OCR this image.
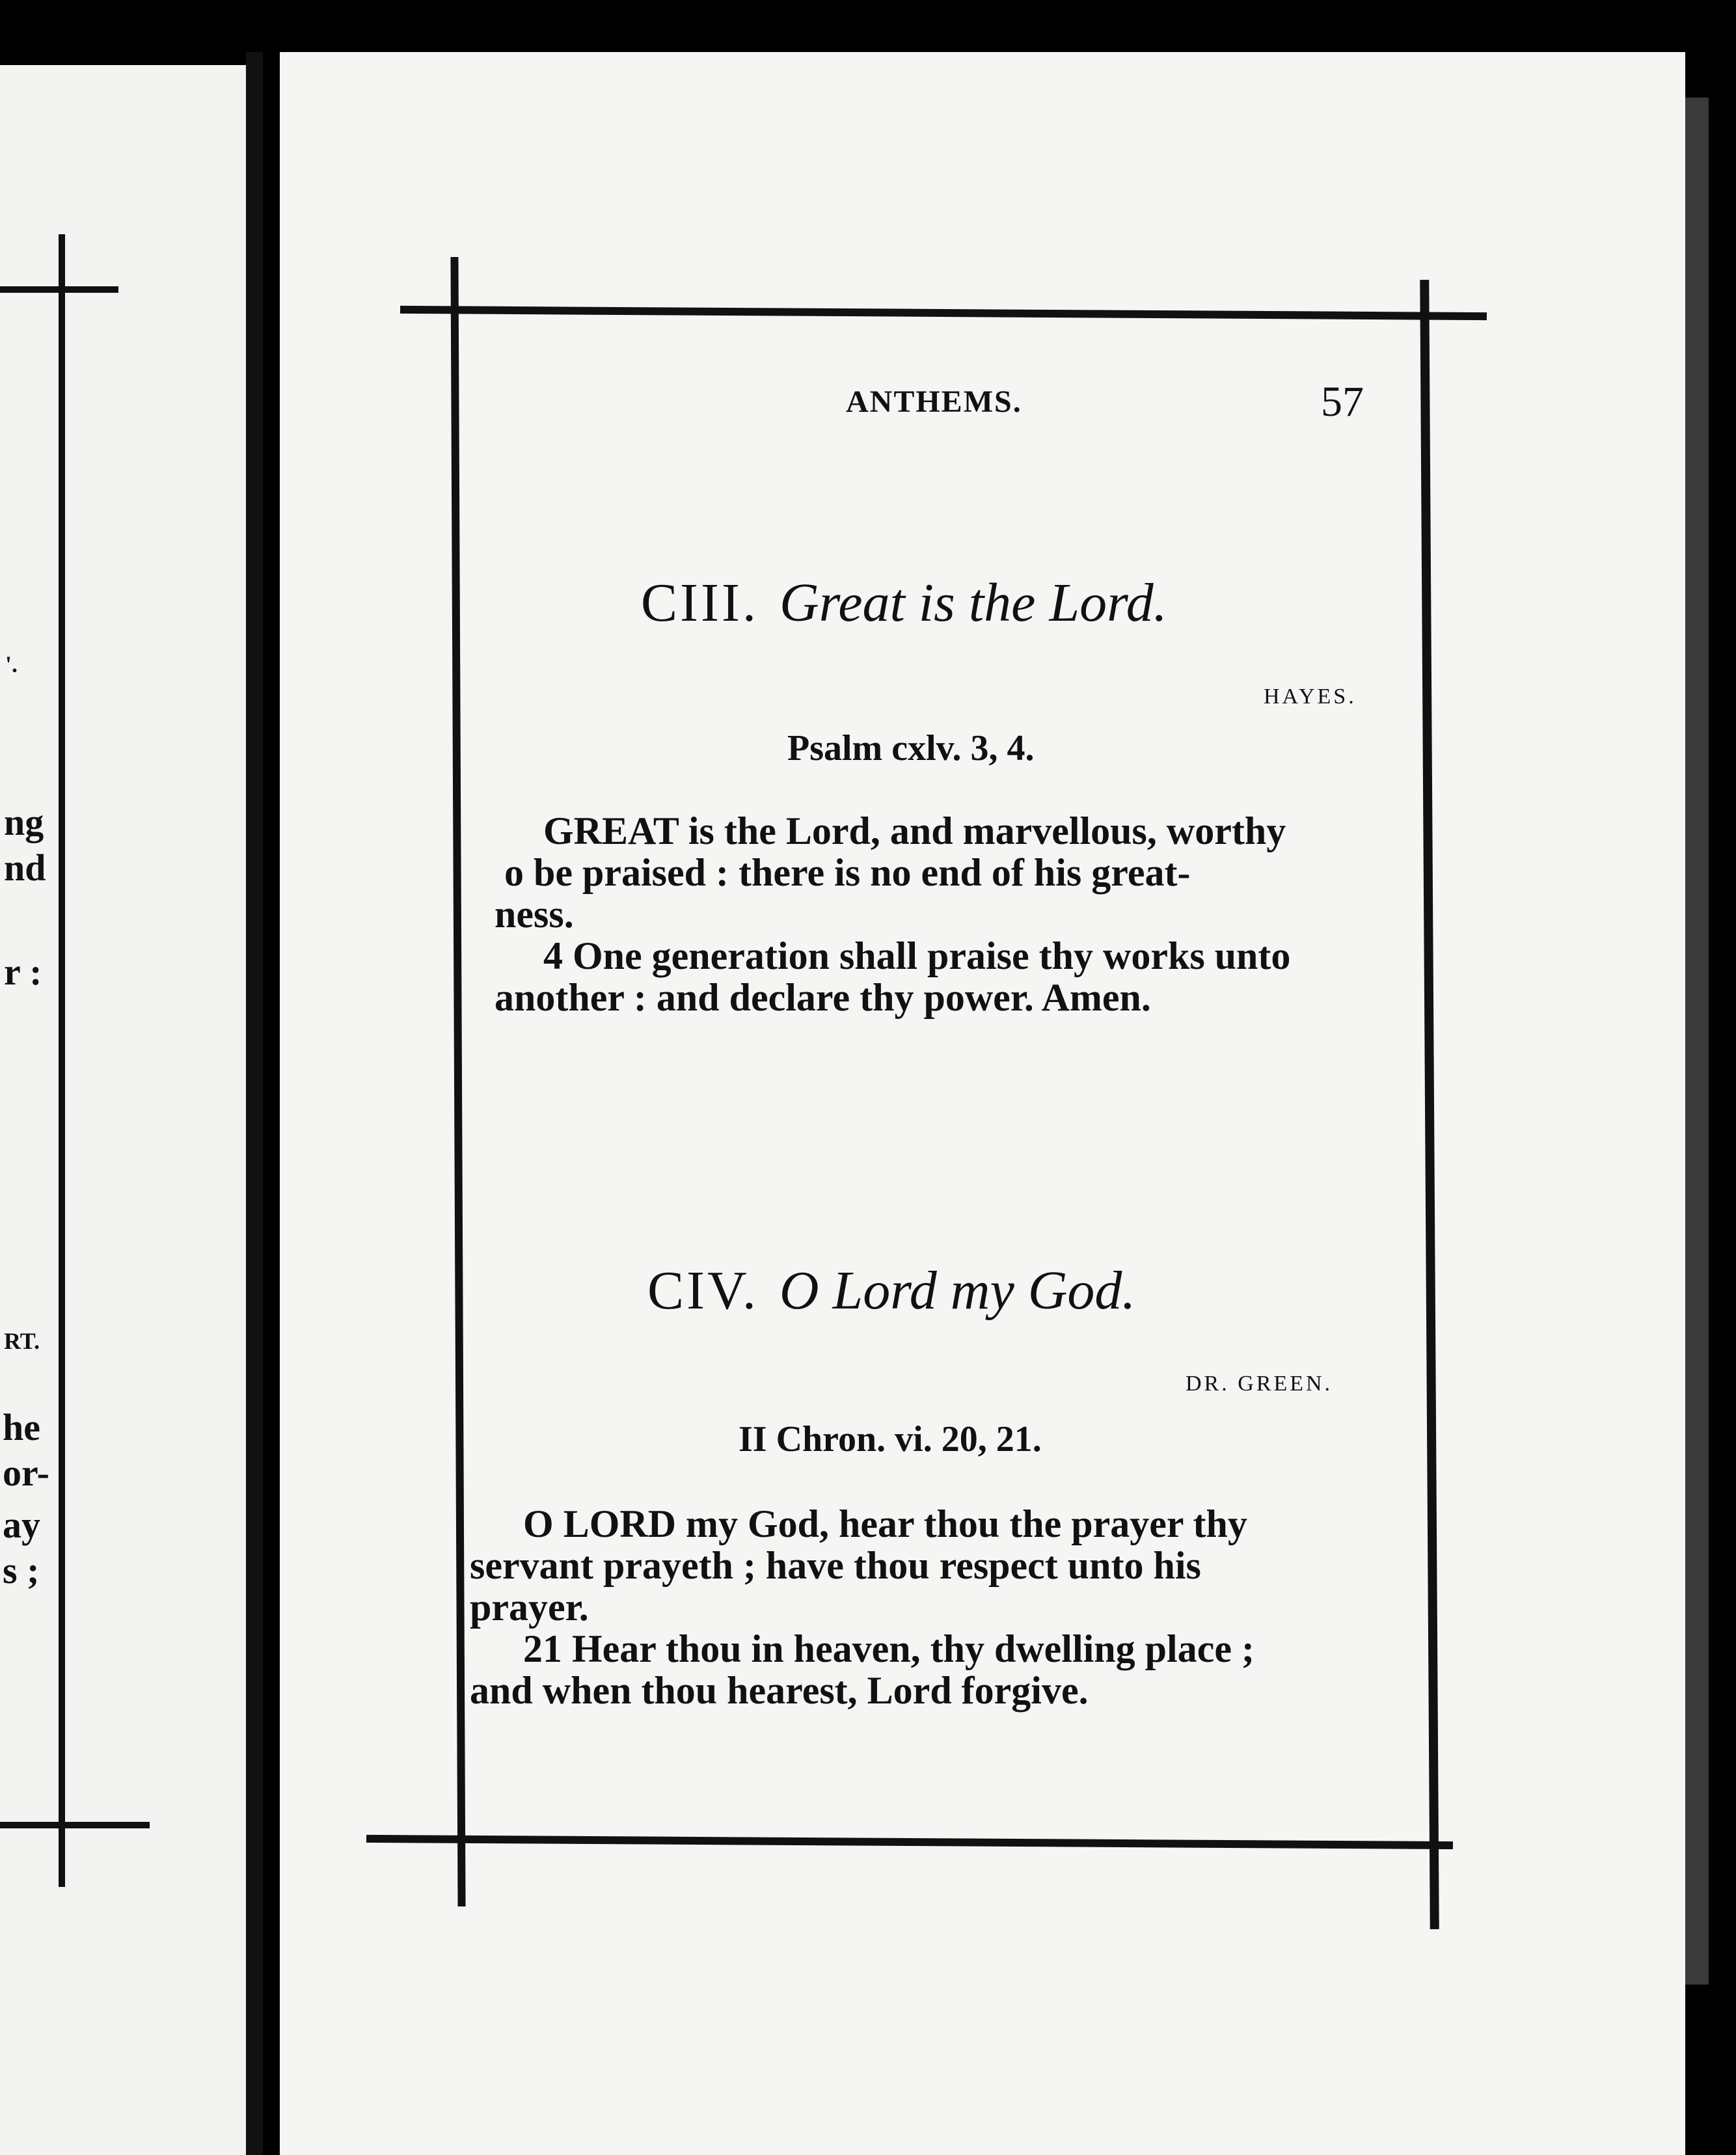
'.
ng
nd
r :
RT.
he
or-
ay
s ;
ANTHEMS.	57
CIII. Great is the Lord.
HAYES.
Psalm cxlv. 3, 4.
GREAT is the Lord, and marvellous, worthy
o be praised : there is no end of his great-
ness.
4 One generation shall praise thy works unto
another : and declare thy power. Amen.
CIV. O Lord my God.
DR. GREEN.
II Chron. vi. 20, 21.
O LORD my God, hear thou the prayer thy
servant prayeth ; have thou respect unto his
prayer.
21 Hear thou in heaven, thy dwelling place ;
and when thou hearest, Lord forgive.
